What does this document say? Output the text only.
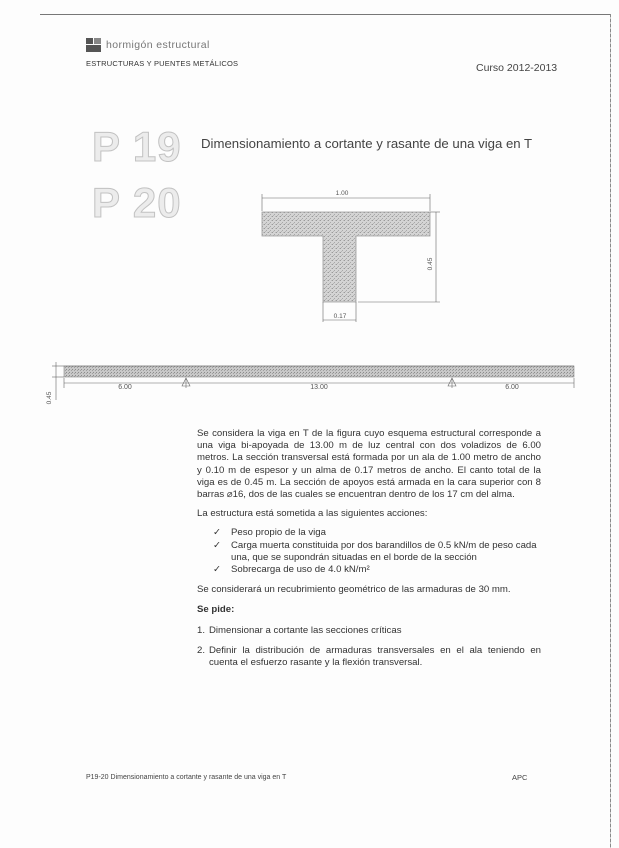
hormigón estructural
ESTRUCTURAS Y PUENTES METÁLICOS	Curso 2012-2013
P 19
P 20
Dimensionamiento a cortante y rasante de una viga en T
1.00
0.45
0.17
0.45
6.00	13.00	6.00

Se considera la viga en T de la figura cuyo esquema estructural corresponde a una viga bi-apoyada de 13.00 m de luz central con dos voladizos de 6.00 metros. La sección transversal está formada por un ala de 1.00 metro de ancho y 0.10 m de espesor y un alma de 0.17 metros de ancho. El canto total de la viga es de 0.45 m. La sección de apoyos está armada en la cara superior con 8 barras ⌀16, dos de las cuales se encuentran dentro de los 17 cm del alma.

La estructura está sometida a las siguientes acciones:

✓ Peso propio de la viga
✓ Carga muerta constituida por dos barandillos de 0.5 kN/m de peso cada una, que se supondrán situadas en el borde de la sección
✓ Sobrecarga de uso de 4.0 kN/m²

Se considerará un recubrimiento geométrico de las armaduras de 30 mm.

Se pide:
1. Dimensionar a cortante las secciones críticas
2. Definir la distribución de armaduras transversales en el ala teniendo en cuenta el esfuerzo rasante y la flexión transversal.
P19-20 Dimensionamiento a cortante y rasante de una viga en T	APC
